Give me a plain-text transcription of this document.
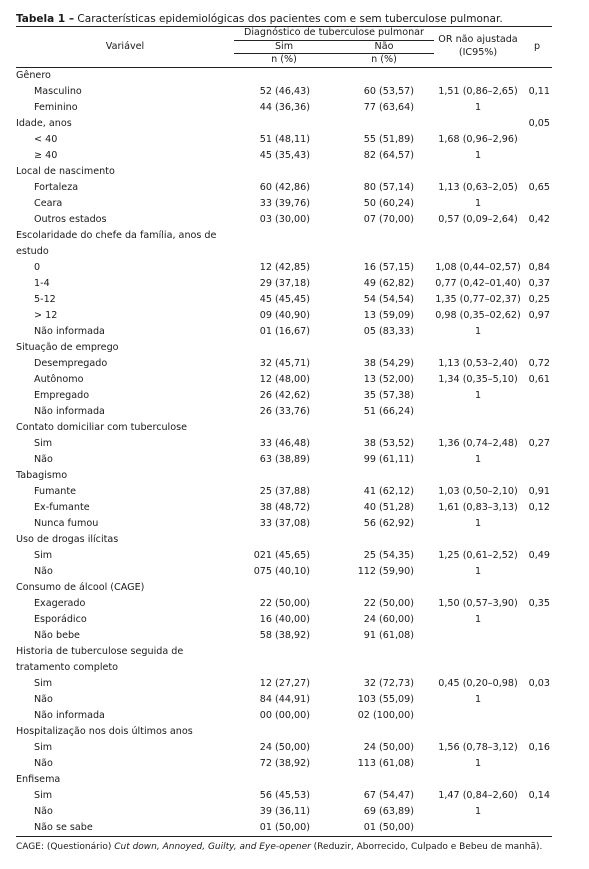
Tabela 1 – Características epidemiológicas dos pacientes com e sem tuberculose pulmonar.
Variável	Diagnóstico de tuberculose pulmonar		OR não ajustada
(IC95%)	p
	Sim	Não		
	n (%)	n (%)		
Gênero				
Masculino	52 (46,43)	60 (53,57)	1,51 (0,86–2,65)	0,11
Feminino	44 (36,36)	77 (63,64)	1	
Idade, anos				0,05
< 40	51 (48,11)	55 (51,89)	1,68 (0,96–2,96)	
≥ 40	45 (35,43)	82 (64,57)	1	
Local de nascimento				
Fortaleza	60 (42,86)	80 (57,14)	1,13 (0,63–2,05)	0,65
Ceara	33 (39,76)	50 (60,24)	1	
Outros estados	03 (30,00)	07 (70,00)	0,57 (0,09–2,64)	0,42
Escolaridade do chefe da família, anos de estudo				
0	12 (42,85)	16 (57,15)	1,08 (0,44–02,57)	0,84
1-4	29 (37,18)	49 (62,82)	0,77 (0,42–01,40)	0,37
5-12	45 (45,45)	54 (54,54)	1,35 (0,77–02,37)	0,25
> 12	09 (40,90)	13 (59,09)	0,98 (0,35–02,62)	0,97
Não informada	01 (16,67)	05 (83,33)	1	
Situação de emprego				
Desempregado	32 (45,71)	38 (54,29)	1,13 (0,53–2,40)	0,72
Autônomo	12 (48,00)	13 (52,00)	1,34 (0,35–5,10)	0,61
Empregado	26 (42,62)	35 (57,38)	1	
Não informada	26 (33,76)	51 (66,24)		
Contato domiciliar com tuberculose				
Sim	33 (46,48)	38 (53,52)	1,36 (0,74–2,48)	0,27
Não	63 (38,89)	99 (61,11)	1	
Tabagismo				
Fumante	25 (37,88)	41 (62,12)	1,03 (0,50–2,10)	0,91
Ex-fumante	38 (48,72)	40 (51,28)	1,61 (0,83–3,13)	0,12
Nunca fumou	33 (37,08)	56 (62,92)	1	
Uso de drogas ilícitas				
Sim	021 (45,65)	25 (54,35)	1,25 (0,61–2,52)	0,49
Não	075 (40,10)	112 (59,90)	1	
Consumo de álcool (CAGE)				
Exagerado	22 (50,00)	22 (50,00)	1,50 (0,57–3,90)	0,35
Esporádico	16 (40,00)	24 (60,00)	1	
Não bebe	58 (38,92)	91 (61,08)		
Historia de tuberculose seguida de tratamento completo				
Sim	12 (27,27)	32 (72,73)	0,45 (0,20–0,98)	0,03
Não	84 (44,91)	103 (55,09)	1	
Não informada	00 (00,00)	02 (100,00)		
Hospitalização nos dois últimos anos				
Sim	24 (50,00)	24 (50,00)	1,56 (0,78–3,12)	0,16
Não	72 (38,92)	113 (61,08)	1	
Enfisema				
Sim	56 (45,53)	67 (54,47)	1,47 (0,84–2,60)	0,14
Não	39 (36,11)	69 (63,89)	1	
Não se sabe	01 (50,00)	01 (50,00)		
CAGE: (Questionário) Cut down, Annoyed, Guilty, and Eye-opener (Reduzir, Aborrecido, Culpado e Bebeu de manhã).
